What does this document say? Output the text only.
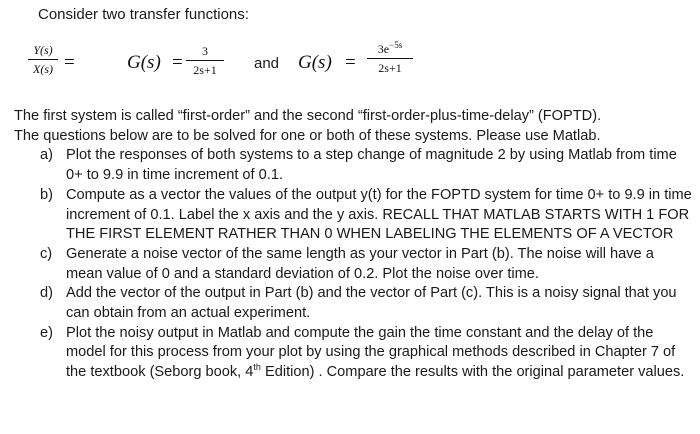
Consider two transfer functions:
Y(s)
X(s) =	G(s) =
3
2s+1	and G(s) =
$3e^{-5s}$
2s+1

The first system is called “first-order” and the second “first-order-plus-time-delay” (FOPTD).

The questions below are to be solved for one or both of these systems. Please use Matlab.

a) Plot the responses of both systems to a step change of magnitude 2 by using Matlab from time 0+ to 9.9 in time increment of 0.1.
b) Compute as a vector the values of the output y(t) for the FOPTD system for time 0+ to 9.9 in time increment of 0.1. Label the x axis and the y axis. RECALL THAT MATLAB STARTS WITH 1 FOR THE FIRST ELEMENT RATHER THAN 0 WHEN LABELING THE ELEMENTS OF A VECTOR
c) Generate a noise vector of the same length as your vector in Part (b). The noise will have a mean value of 0 and a standard deviation of 0.2. Plot the noise over time.
d) Add the vector of the output in Part (b) and the vector of Part (c). This is a noisy signal that you can obtain from an actual experiment.
e) Plot the noisy output in Matlab and compute the gain the time constant and the delay of the model for this process from your plot by using the graphical methods described in Chapter 7 of the textbook (Seborg book, 4th Edition) . Compare the results with the original parameter values.
